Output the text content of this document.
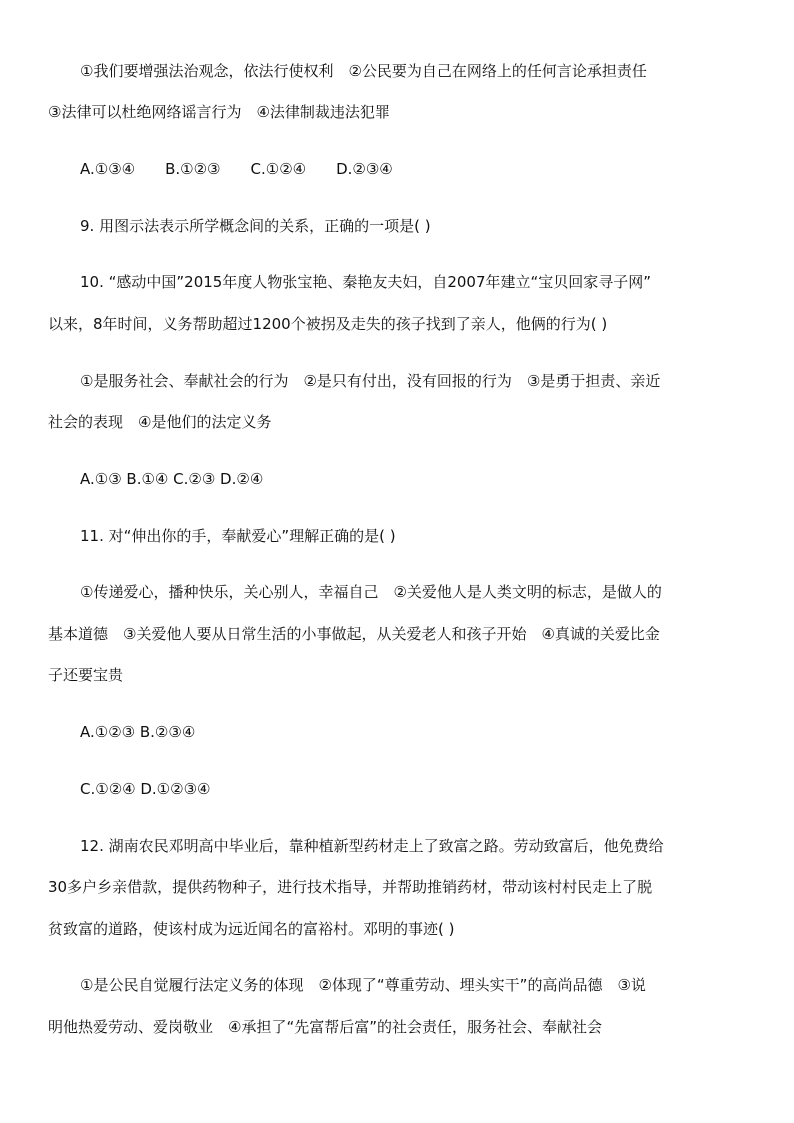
①我们要增强法治观念，依法行使权利　②公民要为自己在网络上的任何言论承担责任
③法律可以杜绝网络谣言行为　④法律制裁违法犯罪
A.①③④　　B.①②③　　C.①②④　　D.②③④
9. 用图示法表示所学概念间的关系，正确的一项是( )
10. “感动中国”2015年度人物张宝艳、秦艳友夫妇，自2007年建立“宝贝回家寻子网”
以来，8年时间，义务帮助超过1200个被拐及走失的孩子找到了亲人，他俩的行为( )
①是服务社会、奉献社会的行为　②是只有付出，没有回报的行为　③是勇于担责、亲近
社会的表现　④是他们的法定义务
A.①③ B.①④ C.②③ D.②④
11. 对“伸出你的手，奉献爱心”理解正确的是( )
①传递爱心，播种快乐，关心别人，幸福自己　②关爱他人是人类文明的标志，是做人的
基本道德　③关爱他人要从日常生活的小事做起，从关爱老人和孩子开始　④真诚的关爱比金
子还要宝贵
A.①②③ B.②③④
C.①②④ D.①②③④
12. 湖南农民邓明高中毕业后，靠种植新型药材走上了致富之路。劳动致富后，他免费给
30多户乡亲借款，提供药物种子，进行技术指导，并帮助推销药材，带动该村村民走上了脱
贫致富的道路，使该村成为远近闻名的富裕村。邓明的事迹( )
①是公民自觉履行法定义务的体现　②体现了“尊重劳动、埋头实干”的高尚品德　③说
明他热爱劳动、爱岗敬业　④承担了“先富帮后富”的社会责任，服务社会、奉献社会
